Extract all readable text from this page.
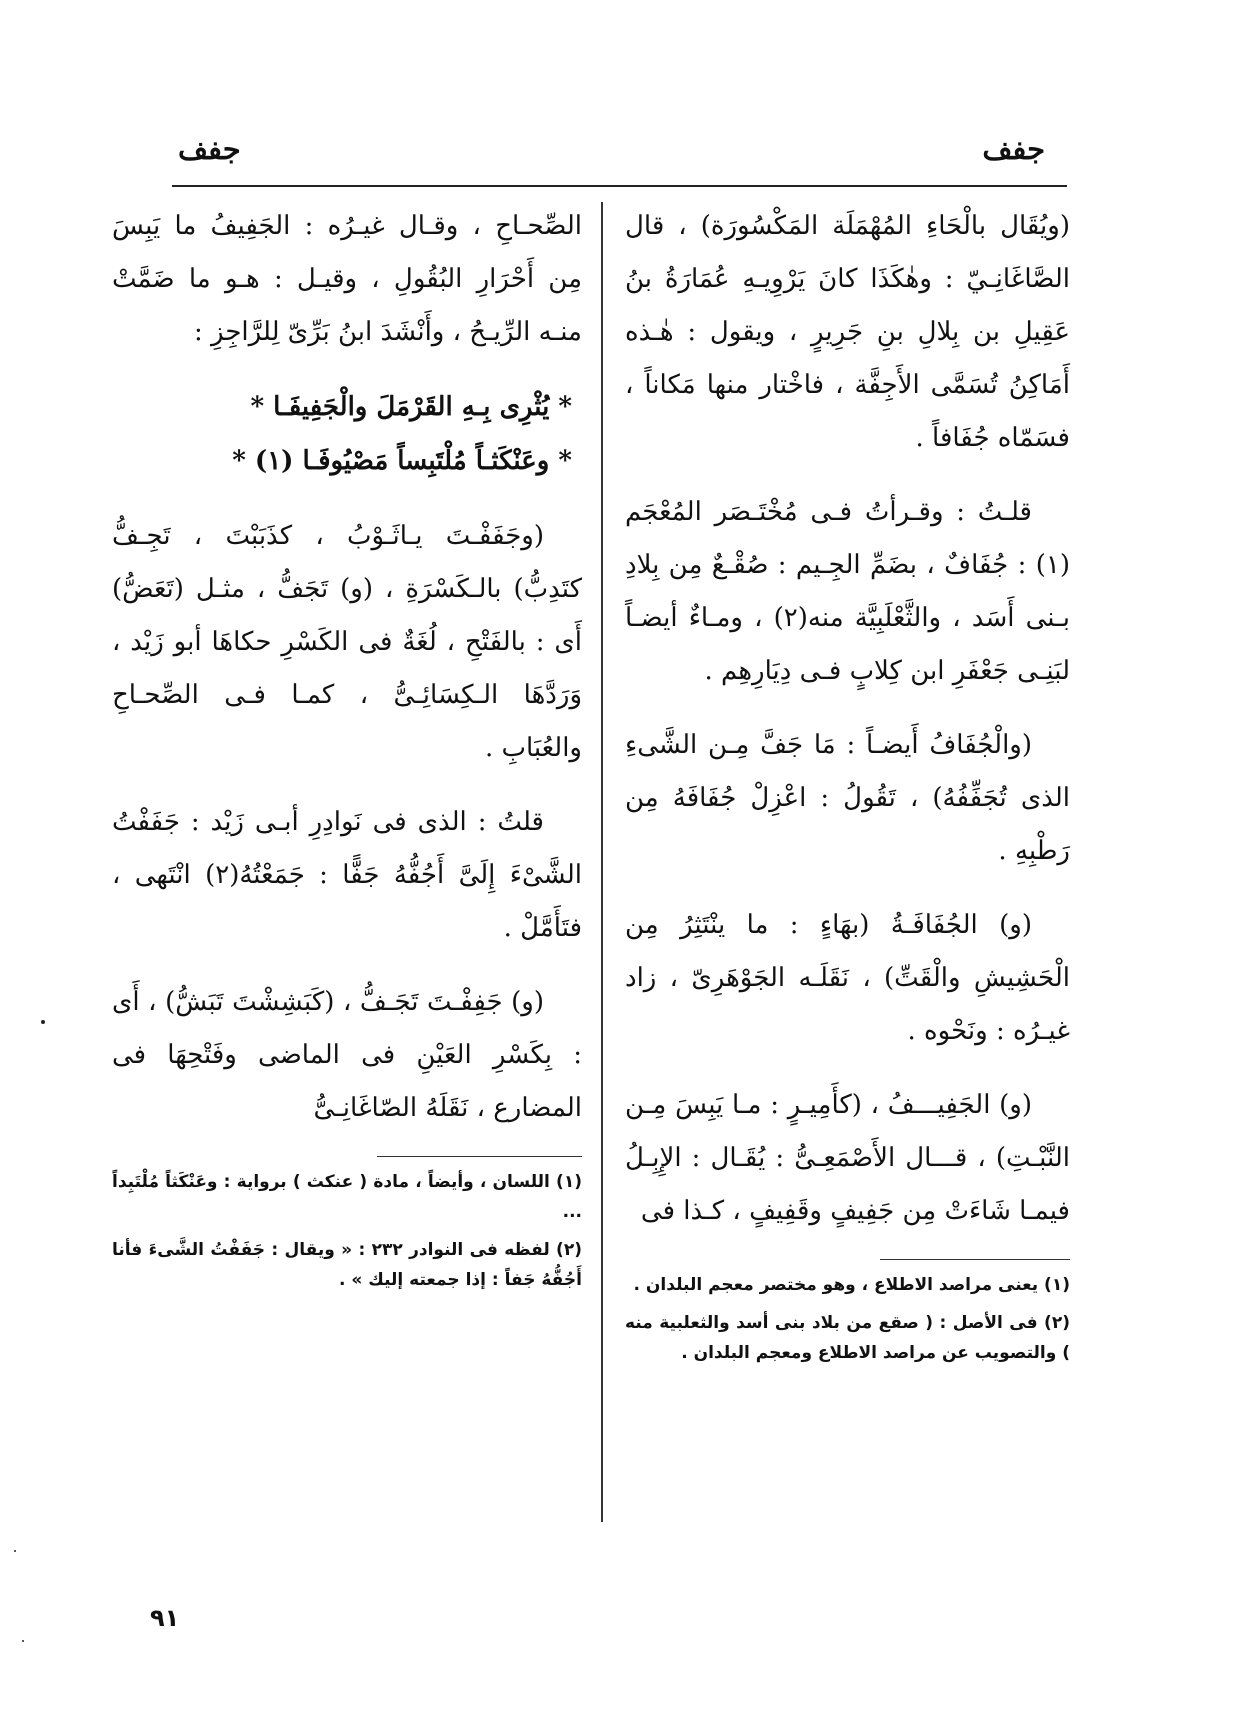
جفف
جفف

(ويُقَال بالْحَاءِ المُهْمَلَة المَكْسُورَة) ، قال الصَّاغَانِـيّ : وهٰكَذَا كانَ يَرْوِيـهِ عُمَارَةُ بنُ عَقِيلِ بن بِلالِ بنِ جَرِيرٍ ، ويقول : هٰـذه أَمَاكِنُ تُسَمَّى الأَجِفَّة ، فاخْتار منها مَكاناً ، فسَمّاه جُفَافاً .

قلـتُ : وقـرأتُ فـى مُخْتَـصَر المُعْجَم (١) : جُفَافٌ ، بضَمِّ الجِـيم : صُقْـعٌ مِن بِلادِ بـنى أَسَد ، والثَّعْلَبِيَّة منه(٢) ، ومـاءٌ أيضـاً لبَنِـى جَعْفَرِ ابن كِلابٍ فـى دِيَارِهِم .

(والْجُفَافُ أَيضـاً : مَا جَفَّ مِـن الشَّىءِ الذى تُجَفِّفُهُ) ، تَقُولُ : اعْزِلْ جُفَافَهُ مِن رَطْبِهِ .

(و) الجُفَافَـةُ (بهَاءٍ : ما ينْتَثِرُ مِن الْحَشِيشِ والْقَتِّ) ، نَقَلَـه الجَوْهَرِىّ ، زاد غيـرُه : ونَحْوه .

(و) الجَفِيـــفُ ، (كأَمِيـرٍ : مـا يَبِسَ مِـن النَّبْـتِ) ، قـــال الأَصْمَعِـىُّ : يُقَـال : الإِبِـلُ فيمـا شَاءَتْ مِن جَفِيفٍ وقَفِيفٍ ، كـذا فى

(١) يعنى مراصد الاطلاع ، وهو مختصر معجم البلدان .

(٢) فى الأصل : ( صقع من بلاد بنى أسد والثعلبية منه ) والتصويب عن مراصد الاطلاع ومعجم البلدان .

الصِّحـاحِ ، وقـال غيـرُه : الجَفِيفُ ما يَبِسَ مِن أَحْرَارِ البُقُولِ ، وقيـل : هـو ما ضَمَّتْ منـه الرِّيـحُ ، وأَنْشَدَ ابنُ بَرِّىّ لِلرَّاجِزِ :

* يُثْرِى بِـهِ القَرْمَلَ والْجَفِيفَـا *
* وعَنْكَثـاً مُلْتَبِساً مَصْيُوفَـا (١) *

(وجَفَفْـتَ يـاثَـوْبُ ، كذَبَبْتَ ، تَجِـفُّ كتَدِبُّ) بالـكَسْرَةِ ، (و) تَجَفُّ ، مثـل (تَعَضُّ) أَى : بالفَتْحِ ، لُغَةٌ فى الكَسْرِ حكاهَا أبو زَيْد ، وَرَدَّهَا الـكِسَائِـىُّ ، كمـا فـى الصِّحـاحِ والعُبَابِ .

قلتُ : الذى فى نَوادِرِ أبـى زَيْد : جَفَفْتُ الشَّىْءَ إِلَىَّ أَجُفُّهُ جَفًّا : جَمَعْتُهُ(٢) انْتَهى ، فتَأَمَّلْ .

(و) جَفِفْـتَ تَجَـفُّ ، (كَبَشِشْتَ تَبَشُّ) ، أَى : بِكَسْرِ العَيْنِ فى الماضى وفَتْحِهَا فى المضارع ، نَقَلَهُ الصّاغَانِـىُّ

(١) اللسان ، وأيضاً ، مادة ( عنكث ) برواية : وعَنْكَثاً مُلْتَبِداً ...

(٢) لفظه فى النوادر ٢٣٢ : « ويقال : جَفَفْتُ الشَّىءَ فأنا أَجُفُّهُ جَفاً : إذا جمعته إليك » .

٩١
